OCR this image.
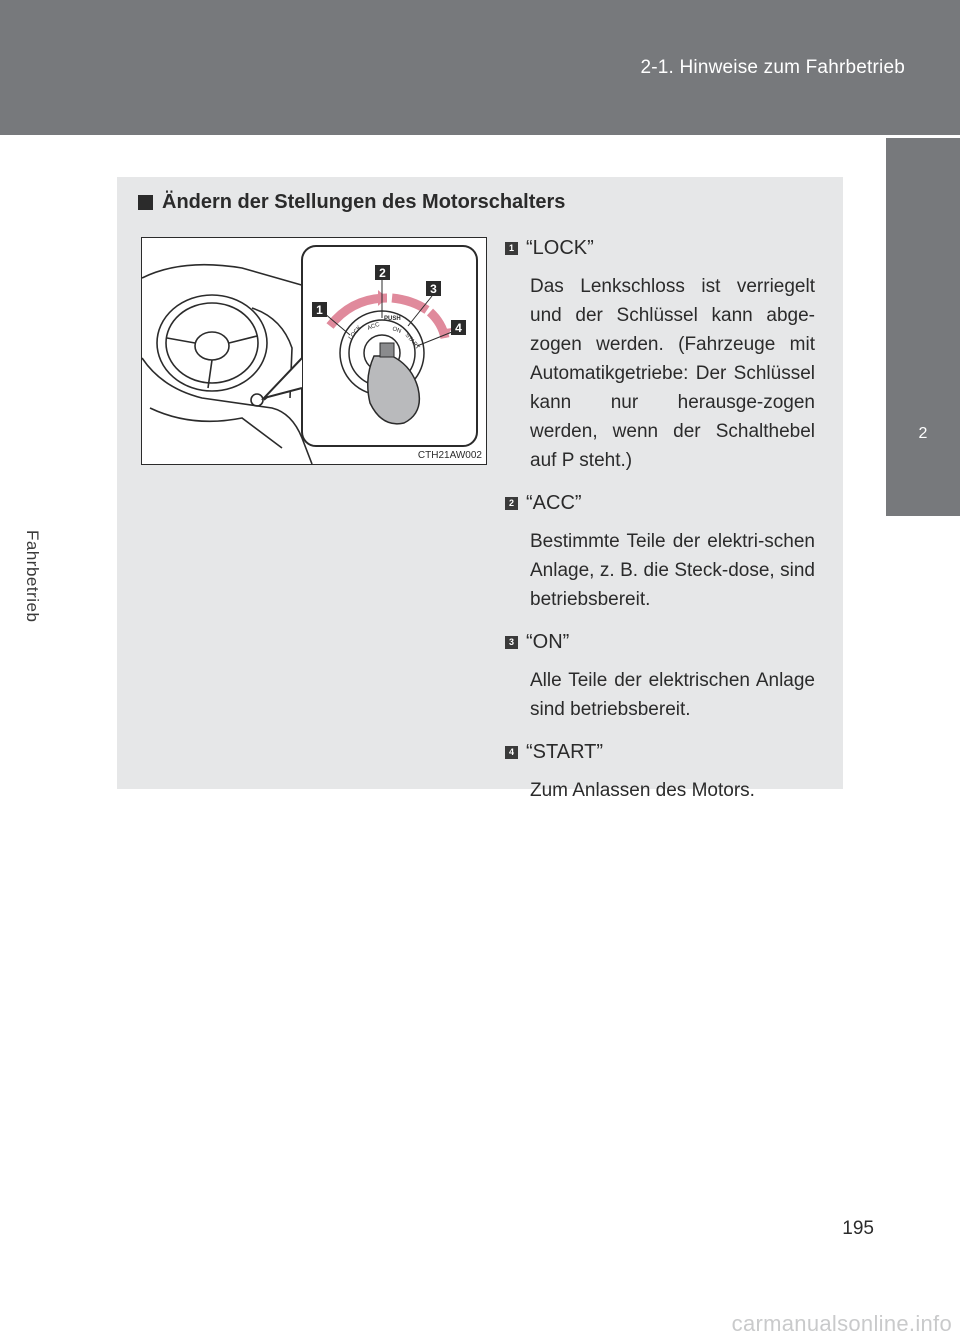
2-1. Hinweise zum Fahrbetrieb
2
Fahrbetrieb
Ändern der Stellungen des Motorschalters
1
2
3
4
PUSH
LOCK ACC ON
START
CTH21AW002
1 “LOCK”
Das Lenkschloss ist verriegelt und der Schlüssel kann abge-zogen werden. (Fahrzeuge mit Automatikgetriebe: Der Schlüssel kann nur herausge-zogen werden, wenn der Schalthebel auf P steht.)
2 “ACC”
Bestimmte Teile der elektri-schen Anlage, z. B. die Steck-dose, sind betriebsbereit.
3 “ON”
Alle Teile der elektrischen Anlage sind betriebsbereit.
4 “START”
Zum Anlassen des Motors.
195
carmanualsonline.info
